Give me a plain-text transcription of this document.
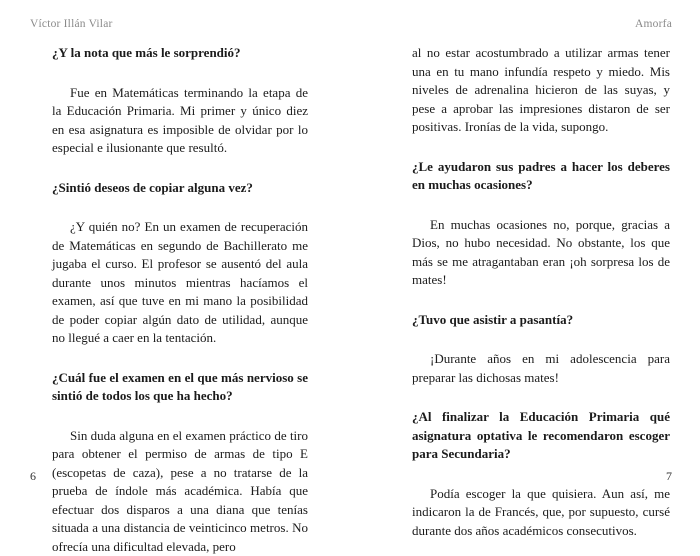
Víctor Illán Vilar

¿Y la nota que más le sorprendió?

Fue en Matemáticas terminando la etapa de la Educación Primaria. Mi primer y único diez en esa asignatura es imposible de olvidar por lo especial e ilusionante que resultó.

¿Sintió deseos de copiar alguna vez?

¿Y quién no? En un examen de recuperación de Matemáticas en segundo de Bachillerato me jugaba el curso. El profesor se ausentó del aula durante unos minutos mientras hacíamos el examen, así que tuve en mi mano la posibilidad de poder copiar algún dato de utilidad, aunque no llegué a caer en la tentación.

¿Cuál fue el examen en el que más nervioso se sintió de todos los que ha hecho?

Sin duda alguna en el examen práctico de tiro para obtener el permiso de armas de tipo E (escopetas de caza), pese a no tratarse de la prueba de índole más académica. Había que efectuar dos disparos a una diana que tenías situada a una distancia de veinticinco metros. No ofrecía una dificultad elevada, pero

6
Amorfa

al no estar acostumbrado a utilizar armas tener una en tu mano infundía respeto y miedo. Mis niveles de adrenalina hicieron de las suyas, y pese a aprobar las impresiones distaron de ser positivas. Ironías de la vida, supongo.

¿Le ayudaron sus padres a hacer los deberes en muchas ocasiones?

En muchas ocasiones no, porque, gracias a Dios, no hubo necesidad. No obstante, los que más se me atragantaban eran ¡oh sorpresa los de mates!

¿Tuvo que asistir a pasantía?

¡Durante años en mi adolescencia para preparar las dichosas mates!

¿Al finalizar la Educación Primaria qué asignatura optativa le recomendaron escoger para Secundaria?

Podía escoger la que quisiera. Aun así, me indicaron la de Francés, que, por supuesto, cursé durante dos años académicos consecutivos.

7
